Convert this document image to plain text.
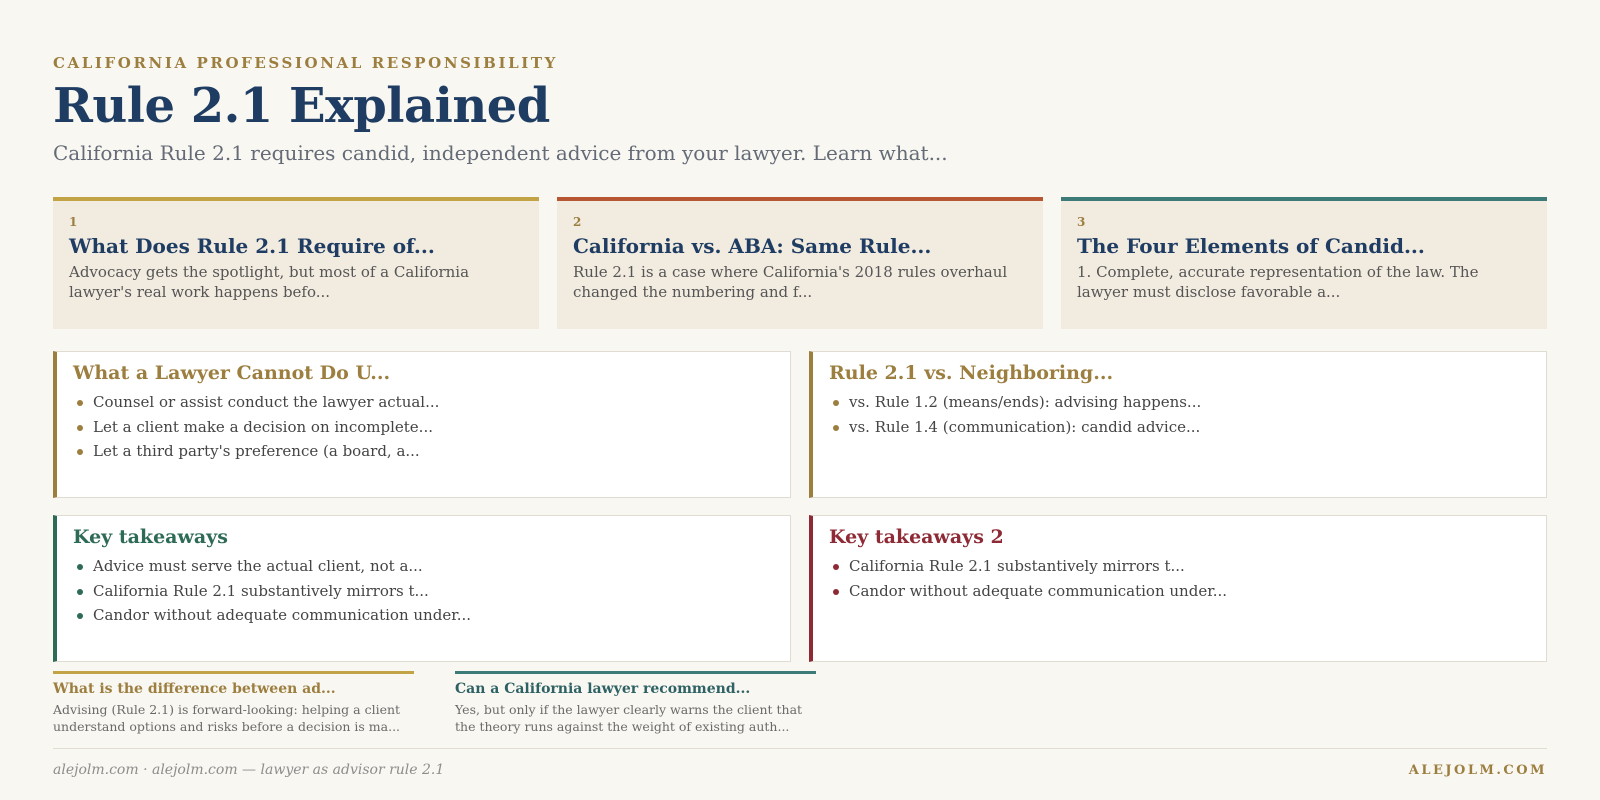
CALIFORNIA PROFESSIONAL RESPONSIBILITY
Rule 2.1 Explained

California Rule 2.1 requires candid, independent advice from your lawyer. Learn what...

1
What Does Rule 2.1 Require of...
Advocacy gets the spotlight, but most of a California lawyer's real work happens befo...
2
California vs. ABA: Same Rule...
Rule 2.1 is a case where California's 2018 rules overhaul changed the numbering and f...
3
The Four Elements of Candid...
1. Complete, accurate representation of the law. The lawyer must disclose favorable a...
What a Lawyer Cannot Do U...
Counsel or assist conduct the lawyer actual...
Let a client make a decision on incomplete...
Let a third party's preference (a board, a...
Rule 2.1 vs. Neighboring...
vs. Rule 1.2 (means/ends): advising happens...
vs. Rule 1.4 (communication): candid advice...
Key takeaways
Advice must serve the actual client, not a...
California Rule 2.1 substantively mirrors t...
Candor without adequate communication under...
Key takeaways 2
California Rule 2.1 substantively mirrors t...
Candor without adequate communication under...
What is the difference between ad...
Advising (Rule 2.1) is forward-looking: helping a client understand options and risks before a decision is ma...
Can a California lawyer recommend...
Yes, but only if the lawyer clearly warns the client that the theory runs against the weight of existing auth...
alejolm.com · alejolm.com — lawyer as advisor rule 2.1	ALEJOLM.COM
